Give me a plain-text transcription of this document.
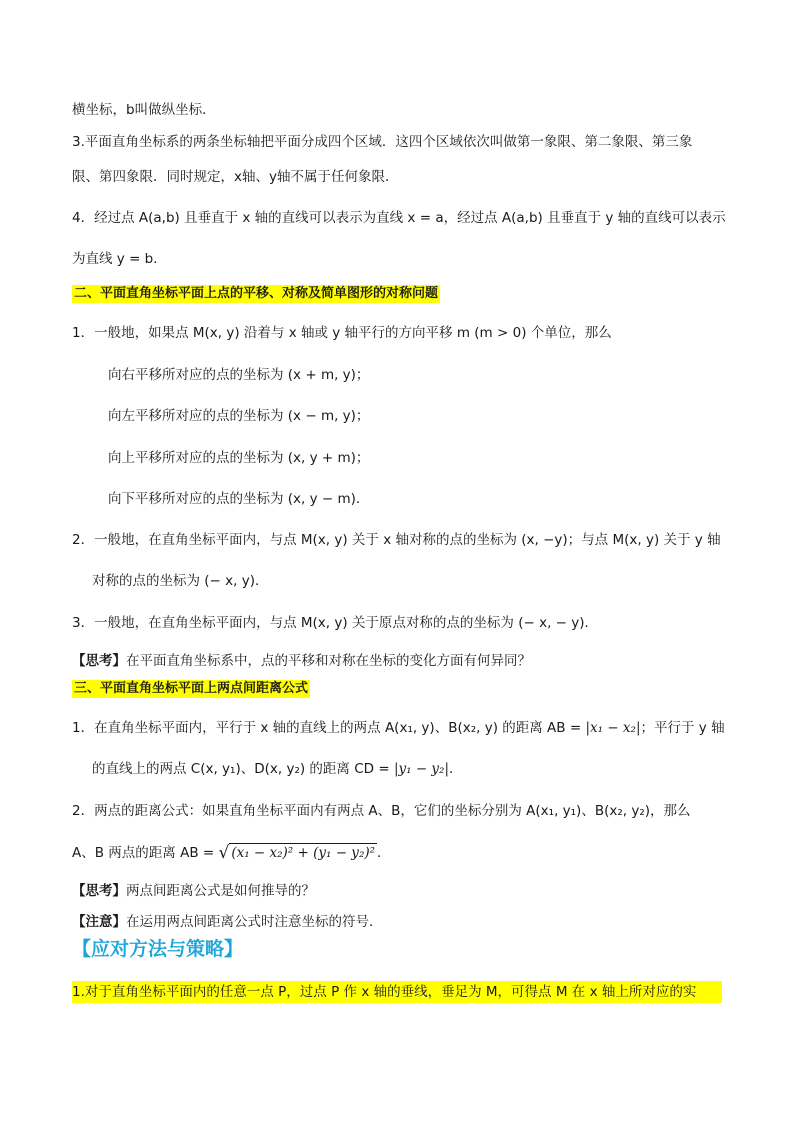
横坐标，b叫做纵坐标．
3.平面直角坐标系的两条坐标轴把平面分成四个区域．这四个区域依次叫做第一象限、第二象限、第三象
限、第四象限．同时规定，x轴、y轴不属于任何象限．
4．经过点 A(a,b) 且垂直于 x 轴的直线可以表示为直线 x = a，经过点 A(a,b) 且垂直于 y 轴的直线可以表示
为直线 y = b．
二、平面直角坐标平面上点的平移、对称及简单图形的对称问题
1．一般地，如果点 M(x, y) 沿着与 x 轴或 y 轴平行的方向平移 m (m > 0) 个单位，那么
向右平移所对应的点的坐标为 (x + m, y)；
向左平移所对应的点的坐标为 (x − m, y)；
向上平移所对应的点的坐标为 (x, y + m)；
向下平移所对应的点的坐标为 (x, y − m)．
2．一般地，在直角坐标平面内，与点 M(x, y) 关于 x 轴对称的点的坐标为 (x, −y)；与点 M(x, y) 关于 y 轴
对称的点的坐标为 (− x, y)．
3．一般地，在直角坐标平面内，与点 M(x, y) 关于原点对称的点的坐标为 (− x, − y)．
【思考】在平面直角坐标系中，点的平移和对称在坐标的变化方面有何异同？
三、平面直角坐标平面上两点间距离公式
1．在直角坐标平面内，平行于 x 轴的直线上的两点 A(x₁, y)、B(x₂, y) 的距离 AB = |x₁ − x₂|；平行于 y 轴
的直线上的两点 C(x, y₁)、D(x, y₂) 的距离 CD = |y₁ − y₂|．
2．两点的距离公式：如果直角坐标平面内有两点 A、B，它们的坐标分别为 A(x₁, y₁)、B(x₂, y₂)，那么
A、B 两点的距离 AB = √ (x₁ − x₂)² + (y₁ − y₂)² ．
【思考】两点间距离公式是如何推导的？
【注意】在运用两点间距离公式时注意坐标的符号．
【应对方法与策略】
1.对于直角坐标平面内的任意一点 P，过点 P 作 x 轴的垂线，垂足为 M，可得点 M 在 x 轴上所对应的实
